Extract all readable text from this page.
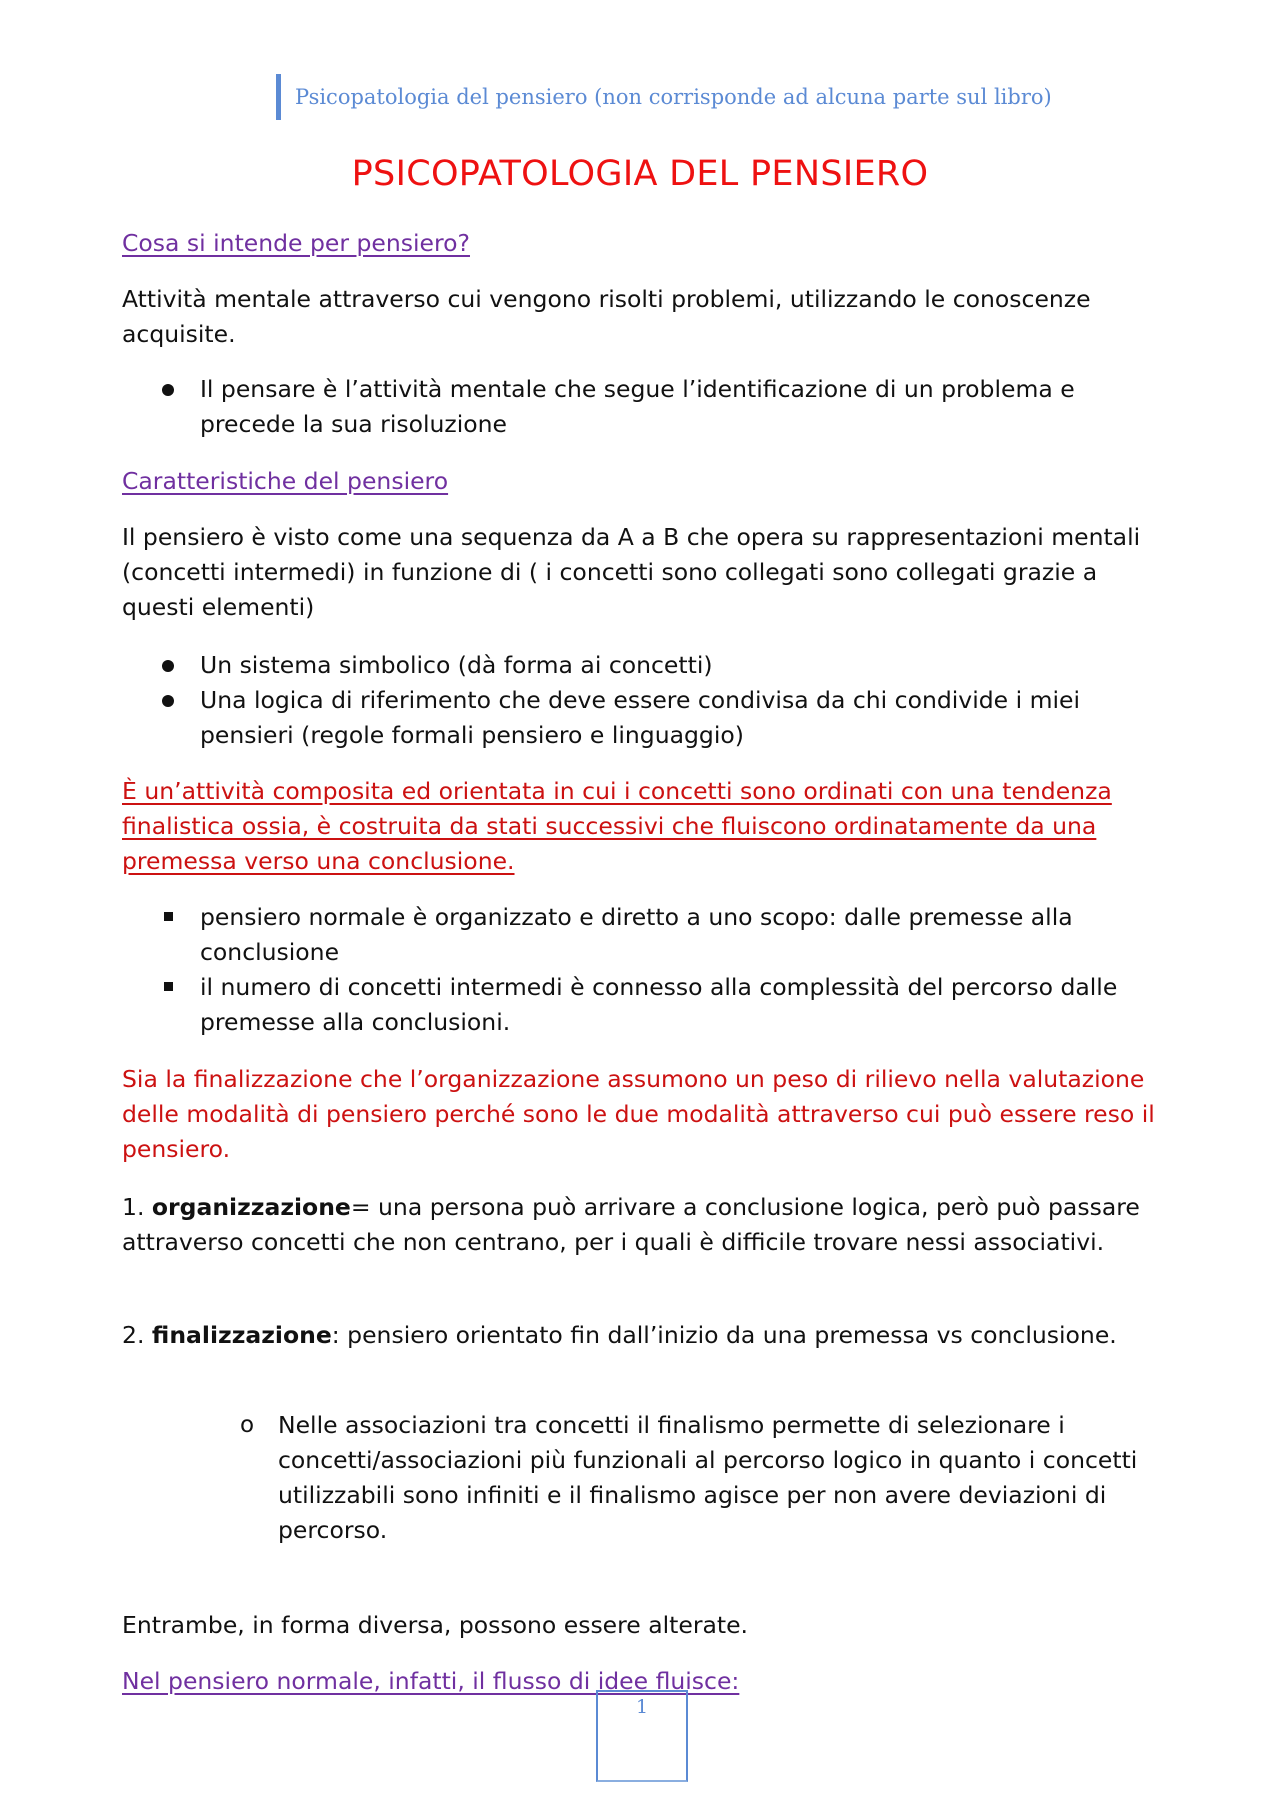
Psicopatologia del pensiero (non corrisponde ad alcuna parte sul libro)
PSICOPATOLOGIA DEL PENSIERO

Cosa si intende per pensiero?

Attività mentale attraverso cui vengono risolti problemi, utilizzando le conoscenze acquisite.

Il pensare è l’attività mentale che segue l’identificazione di un problema e precede la sua risoluzione

Caratteristiche del pensiero

Il pensiero è visto come una sequenza da A a B che opera su rappresentazioni mentali (concetti intermedi) in funzione di ( i concetti sono collegati sono collegati grazie a questi elementi)

Un sistema simbolico (dà forma ai concetti)
Una logica di riferimento che deve essere condivisa da chi condivide i miei pensieri (regole formali pensiero e linguaggio)

È un’attività composita ed orientata in cui i concetti sono ordinati con una tendenza finalistica ossia, è costruita da stati successivi che fluiscono ordinatamente da una premessa verso una conclusione.

pensiero normale è organizzato e diretto a uno scopo: dalle premesse alla conclusione
il numero di concetti intermedi è connesso alla complessità del percorso dalle premesse alla conclusioni.

Sia la finalizzazione che l’organizzazione assumono un peso di rilievo nella valutazione delle modalità di pensiero perché sono le due modalità attraverso cui può essere reso il pensiero.

1. organizzazione= una persona può arrivare a conclusione logica, però può passare attraverso concetti che non centrano, per i quali è difficile trovare nessi associativi.

2. finalizzazione: pensiero orientato fin dall’inizio da una premessa vs conclusione.

o Nelle associazioni tra concetti il finalismo permette di selezionare i concetti/associazioni più funzionali al percorso logico in quanto i concetti utilizzabili sono infiniti e il finalismo agisce per non avere deviazioni di percorso.

Entrambe, in forma diversa, possono essere alterate.

Nel pensiero normale, infatti, il flusso di idee fluisce:

1
